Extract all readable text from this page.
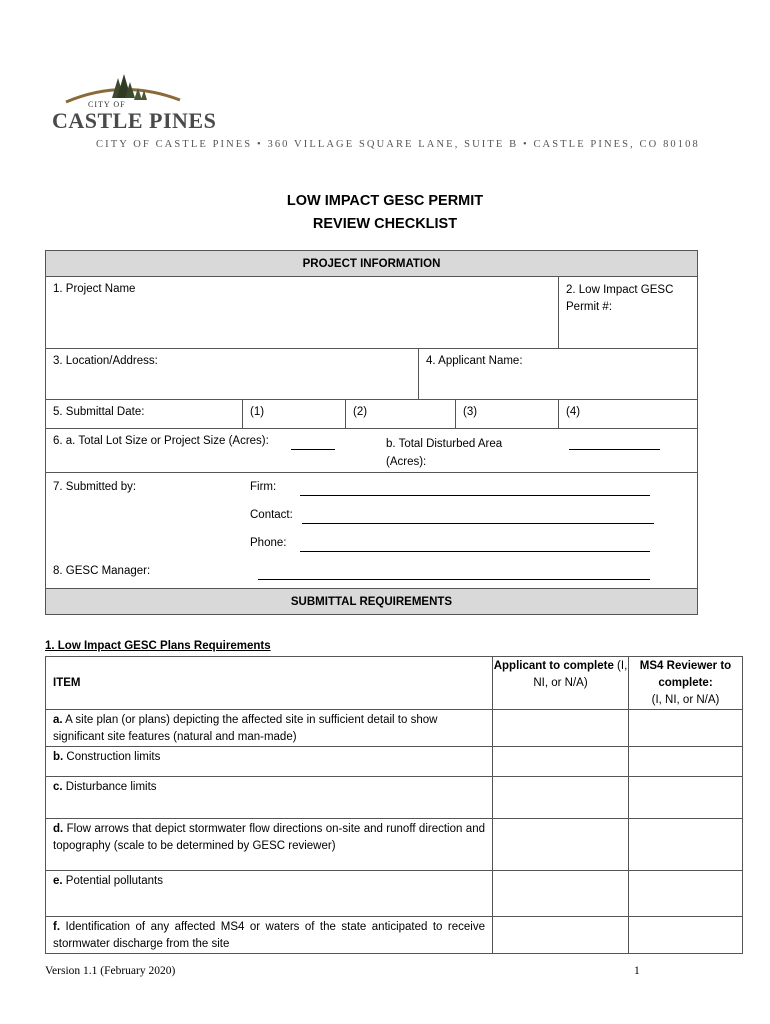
CITY OF
CASTLE PINES
CITY OF CASTLE PINES • 360 VILLAGE SQUARE LANE, SUITE B • CASTLE PINES, CO 80108
LOW IMPACT GESC PERMIT
REVIEW CHECKLIST
PROJECT INFORMATION					
1. Project Name					2. Low Impact GESC Permit #:
3. Location/Address:			4. Applicant Name:		
5. Submittal Date:	(1)	(2)		(3)	(4)

6. a. Total Lot Size or Project Size (Acres): b. Total Disturbed Area (Acres):					

7. Submitted by: Firm:
Contact:
Phone:
8. GESC Manager:					

SUBMITTAL REQUIREMENTS					
1. Low Impact GESC Plans Requirements
ITEM	Applicant to complete (I, NI, or N/A)	MS4 Reviewer to complete:
(I, NI, or N/A)
a. A site plan (or plans) depicting the affected site in sufficient detail to show significant site features (natural and man-made)		
b. Construction limits		
c. Disturbance limits		
d. Flow arrows that depict stormwater flow directions on-site and runoff direction and topography (scale to be determined by GESC reviewer)		
e. Potential pollutants		
f. Identification of any affected MS4 or waters of the state anticipated to receive stormwater discharge from the site		
Version 1.1 (February 2020)	1
